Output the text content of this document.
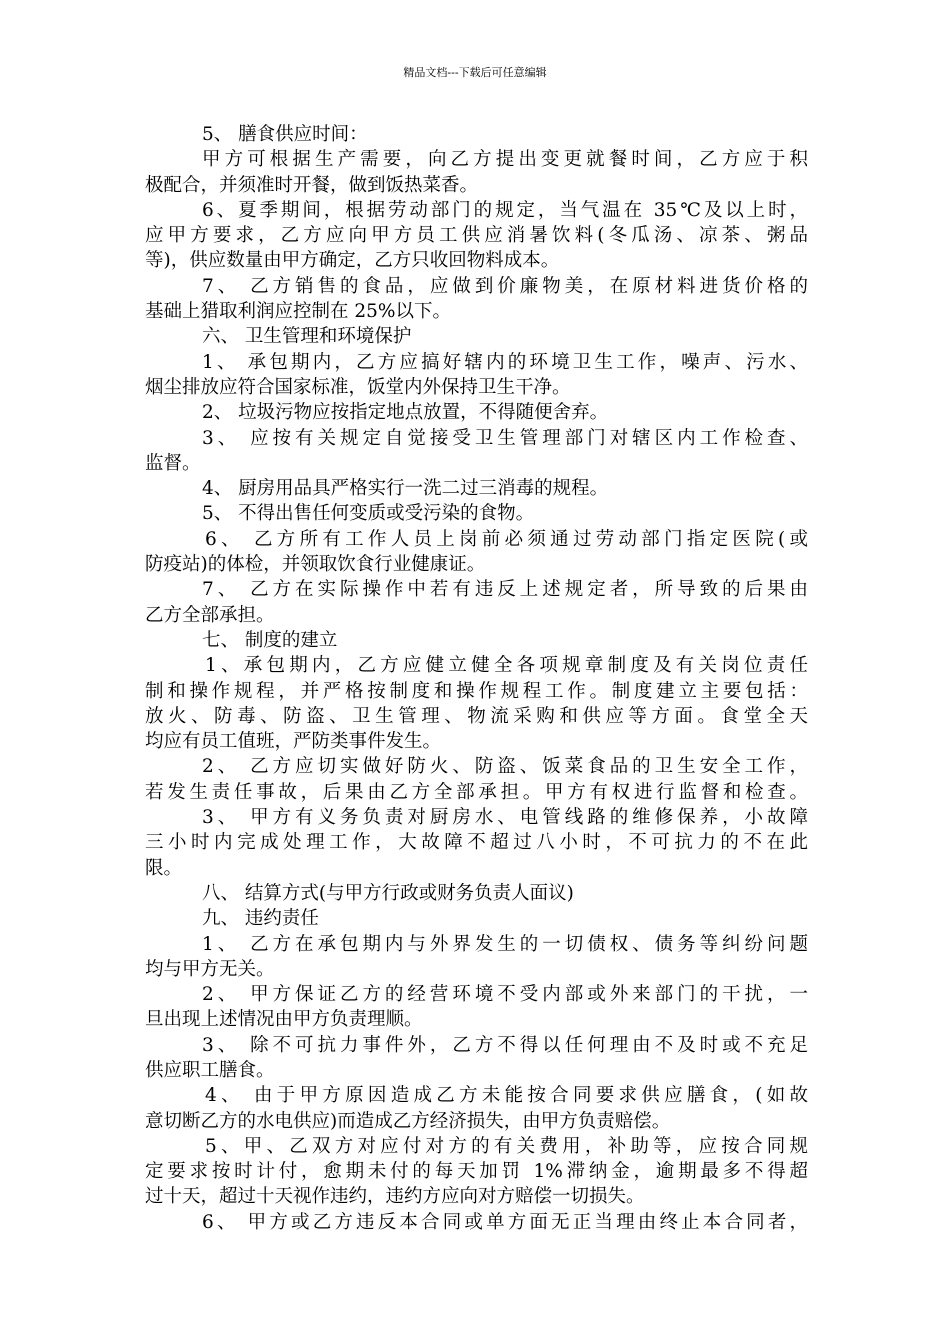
精品文档---下载后可任意编辑
5、 膳食供应时间：
甲方可根据生产需要，向乙方提出变更就餐时间，乙方应于积
极配合，并须准时开餐，做到饭热菜香。
6、夏季期间，根据劳动部门的规定，当气温在 35℃及以上时，
应甲方要求，乙方应向甲方员工供应消暑饮料(冬瓜汤、凉茶、粥品
等)，供应数量由甲方确定，乙方只收回物料成本。
7、 乙方销售的食品，应做到价廉物美，在原材料进货价格的
基础上猎取利润应控制在 25%以下。
六、 卫生管理和环境保护
1、 承包期内，乙方应搞好辖内的环境卫生工作，噪声、污水、
烟尘排放应符合国家标准，饭堂内外保持卫生干净。
2、 垃圾污物应按指定地点放置，不得随便舍弃。
3、 应按有关规定自觉接受卫生管理部门对辖区内工作检查、
监督。
4、 厨房用品具严格实行一洗二过三消毒的规程。
5、 不得出售任何变质或受污染的食物。
6、 乙方所有工作人员上岗前必须通过劳动部门指定医院(或
防疫站)的体检，并领取饮食行业健康证。
7、 乙方在实际操作中若有违反上述规定者，所导致的后果由
乙方全部承担。
七、 制度的建立
1、承包期内，乙方应健立健全各项规章制度及有关岗位责任
制和操作规程，并严格按制度和操作规程工作。制度建立主要包括：
放火、防毒、防盗、卫生管理、物流采购和供应等方面。食堂全天
均应有员工值班，严防类事件发生。
2、 乙方应切实做好防火、防盗、饭菜食品的卫生安全工作，
若发生责任事故，后果由乙方全部承担。甲方有权进行监督和检查。
3、 甲方有义务负责对厨房水、电管线路的维修保养，小故障
三小时内完成处理工作，大故障不超过八小时，不可抗力的不在此
限。
八、 结算方式(与甲方行政或财务负责人面议)
九、 违约责任
1、 乙方在承包期内与外界发生的一切债权、债务等纠纷问题
均与甲方无关。
2、 甲方保证乙方的经营环境不受内部或外来部门的干扰，一
旦出现上述情况由甲方负责理顺。
3、 除不可抗力事件外，乙方不得以任何理由不及时或不充足
供应职工膳食。
4、 由于甲方原因造成乙方未能按合同要求供应膳食，(如故
意切断乙方的水电供应)而造成乙方经济损失，由甲方负责赔偿。
5、甲、乙双方对应付对方的有关费用，补助等，应按合同规
定要求按时计付，愈期未付的每天加罚 1%滞纳金，逾期最多不得超
过十天，超过十天视作违约，违约方应向对方赔偿一切损失。
6、 甲方或乙方违反本合同或单方面无正当理由终止本合同者，
